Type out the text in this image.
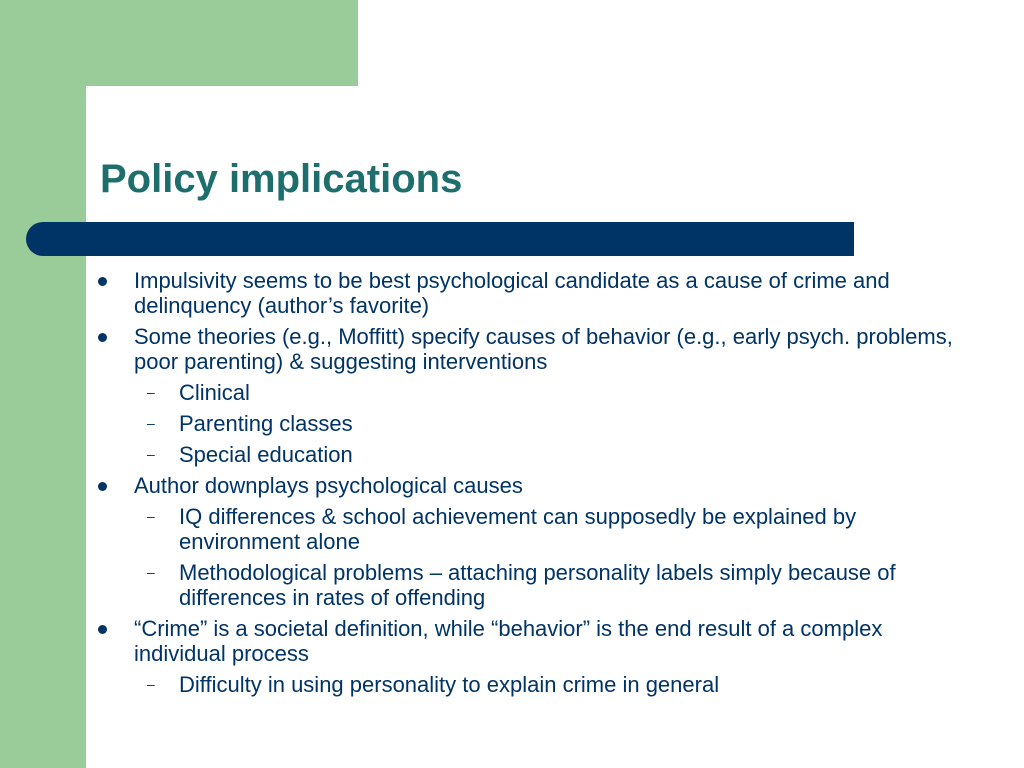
Policy implications
Impulsivity seems to be best psychological candidate as a cause of crime and delinquency (author’s favorite)
Some theories (e.g., Moffitt) specify causes of behavior (e.g., early psych. problems, poor parenting) & suggesting interventions
– Clinical
– Parenting classes
– Special education
Author downplays psychological causes
– IQ differences & school achievement can supposedly be explained by environment alone
– Methodological problems – attaching personality labels simply because of differences in rates of offending
“Crime” is a societal definition, while “behavior” is the end result of a complex individual process
– Difficulty in using personality to explain crime in general
